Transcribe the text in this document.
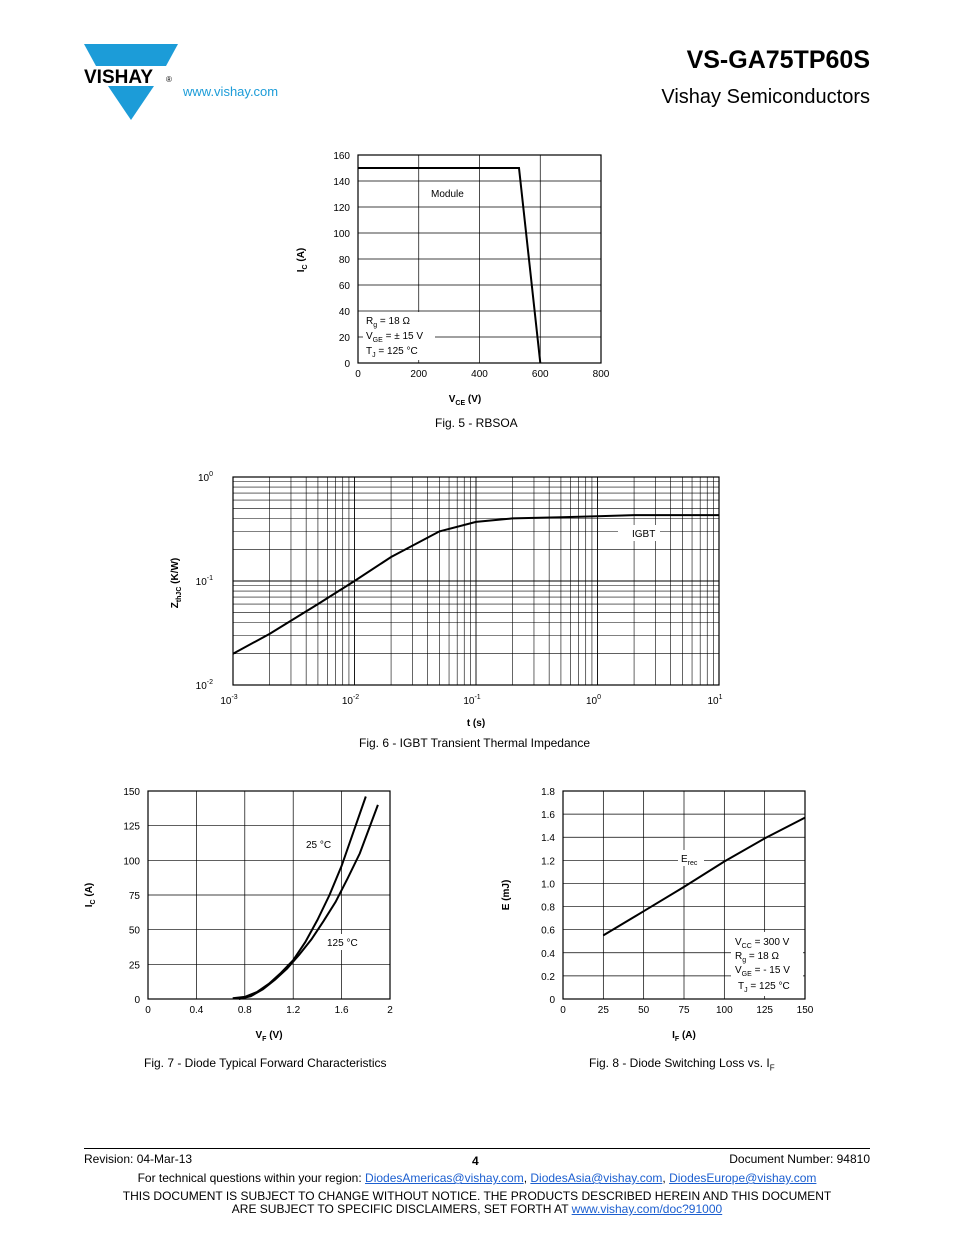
VISHAY ®
www.vishay.com
VS-GA75TP60S
Vishay Semiconductors
0	200	400	600	800
0
20
40
60
80
100
120
140
160
Module
$R_g = 18$ Ω
$V_{GE}$ = ± 15 V
$T_J = 125$ °C
$V_{CE}$ (V)
$I_C$ (A)
Fig. 5 - RBSOA
$10^{-3}$	$10^{-2}$	$10^{-1}$	$10^0$	$10^1$
$10^{-2}$
$10^{-1}$
$10^0$
IGBT
t (s)
$Z_{thJC}$ (K/W)
Fig. 6 - IGBT Transient Thermal Impedance
0	0.4	0.8	1.2	1.6	2
0
25
50
75
100
125
150
25 °C
125 °C
$V_F$ (V)
$I_C$ (A)
Fig. 7 - Diode Typical Forward Characteristics
0	25	50	75	100 125 150
0
0.2
0.4
0.6
0.8
1.0
1.2
1.4
1.6
1.8
$E_{rec}$
$V_{CC} = 300$ V
$R_g = 18$ Ω
$V_{GE}$ = - 15 V
$T_J = 125$ °C
$I_F$ (A)
E (mJ)
Fig. 8 - Diode Switching Loss vs. $I_F$
Revision: 04-Mar-13	4	Document Number: 94810
For technical questions within your region: DiodesAmericas@vishay.com, DiodesAsia@vishay.com, DiodesEurope@vishay.com
THIS DOCUMENT IS SUBJECT TO CHANGE WITHOUT NOTICE. THE PRODUCTS DESCRIBED HEREIN AND THIS DOCUMENT
ARE SUBJECT TO SPECIFIC DISCLAIMERS, SET FORTH AT www.vishay.com/doc?91000
